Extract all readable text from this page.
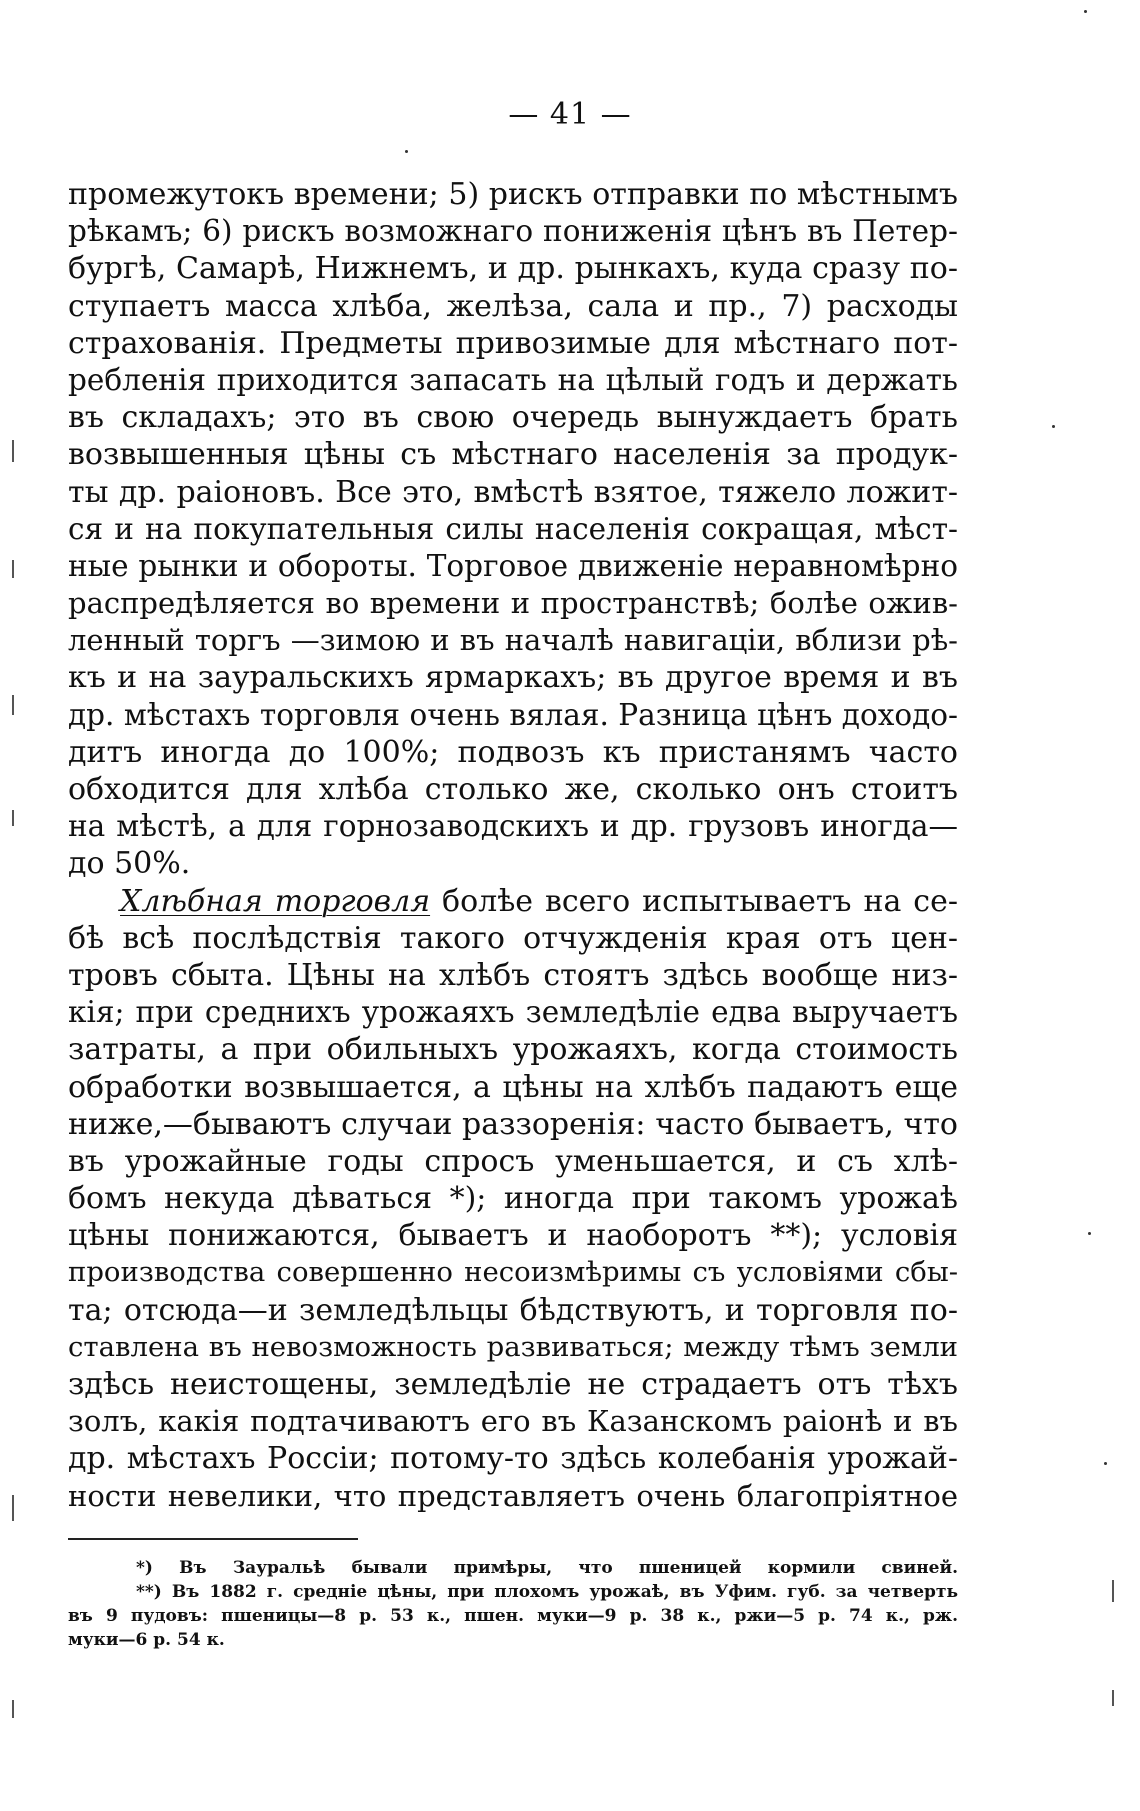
— 41 —
промежутокъ времени; 5) рискъ отправки по мѣстнымъ
рѣкамъ; 6) рискъ возможнаго пониженія цѣнъ въ Петер-
бургѣ, Самарѣ, Нижнемъ, и др. рынкахъ, куда сразу по-
ступаетъ масса хлѣба, желѣза, сала и пр., 7) расходы
страхованія. Предметы привозимые для мѣстнаго пот-
ребленія приходится запасать на цѣлый годъ и держать
въ складахъ; это въ свою очередь вынуждаетъ брать
возвышенныя цѣны съ мѣстнаго населенія за продук-
ты др. раіоновъ. Все это, вмѣстѣ взятое, тяжело ложит-
ся и на покупательныя силы населенія сокращая, мѣст-
ные рынки и обороты. Торговое движеніе неравномѣрно
распредѣляется во времени и пространствѣ; болѣе ожив-
ленный торгъ —зимою и въ началѣ навигаціи, вблизи рѣ-
къ и на зауральскихъ ярмаркахъ; въ другое время и въ
др. мѣстахъ торговля очень вялая. Разница цѣнъ доходо-
дитъ иногда до 100%; подвозъ къ пристанямъ часто
обходится для хлѣба столько же, сколько онъ стоитъ
на мѣстѣ, а для горнозаводскихъ и др. грузовъ иногда—
до 50%.
Хлѣбная торговля болѣе всего испытываетъ на се-
бѣ всѣ послѣдствія такого отчужденія края отъ цен-
тровъ сбыта. Цѣны на хлѣбъ стоятъ здѣсь вообще низ-
кія; при среднихъ урожаяхъ земледѣліе едва выручаетъ
затраты, а при обильныхъ урожаяхъ, когда стоимость
обработки возвышается, а цѣны на хлѣбъ падаютъ еще
ниже,—бываютъ случаи раззоренія: часто бываетъ, что
въ урожайные годы спросъ уменьшается, и съ хлѣ-
бомъ некуда дѣваться *); иногда при такомъ урожаѣ
цѣны понижаются, бываетъ и наоборотъ **); условія
производства совершенно несоизмѣримы съ условіями сбы-
та; отсюда—и земледѣльцы бѣдствуютъ, и торговля по-
ставлена въ невозможность развиваться; между тѣмъ земли
здѣсь неистощены, земледѣліе не страдаетъ отъ тѣхъ
золъ, какія подтачиваютъ его въ Казанскомъ раіонѣ и въ
др. мѣстахъ Россіи; потому-то здѣсь колебанія урожай-
ности невелики, что представляетъ очень благопріятное
*) Въ Зауральѣ бывали примѣры, что пшеницей кормили свиней.
**) Въ 1882 г. средніе цѣны, при плохомъ урожаѣ, въ Уфим. губ. за четверть
въ 9 пудовъ: пшеницы—8 р. 53 к., пшен. муки—9 р. 38 к., ржи—5 р. 74 к., рж.
муки—6 р. 54 к.
